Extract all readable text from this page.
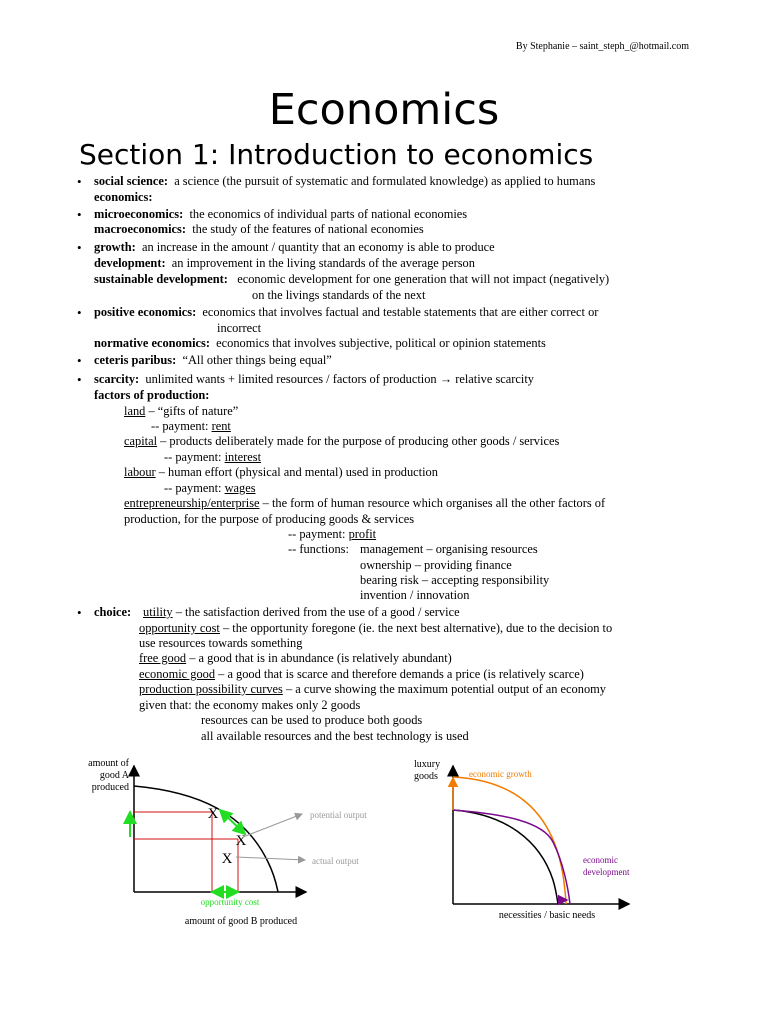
By Stephanie – saint_steph_@hotmail.com
Economics
Section 1: Introduction to economics
• social science: a science (the pursuit of systematic and formulated knowledge) as applied to humans
economics:
• microeconomics: the economics of individual parts of national economies
macroeconomics: the study of the features of national economies
• growth: an increase in the amount / quantity that an economy is able to produce
development: an improvement in the living standards of the average person
sustainable development: economic development for one generation that will not impact (negatively)
on the livings standards of the next
• positive economics: economics that involves factual and testable statements that are either correct or
incorrect
normative economics: economics that involves subjective, political or opinion statements
• ceteris paribus: “All other things being equal”
• scarcity: unlimited wants + limited resources / factors of production → relative scarcity
factors of production:
land – “gifts of nature”
-- payment: rent
capital – products deliberately made for the purpose of producing other goods / services
-- payment: interest
labour – human effort (physical and mental) used in production
-- payment: wages
entrepreneurship/enterprise – the form of human resource which organises all the other factors of
production, for the purpose of producing goods & services
-- payment: profit
-- functions: management – organising resources
ownership – providing finance
bearing risk – accepting responsibility
invention / innovation
• choice: utility – the satisfaction derived from the use of a good / service
opportunity cost – the opportunity foregone (ie. the next best alternative), due to the decision to
use resources towards something
free good – a good that is in abundance (is relatively abundant)
economic good – a good that is scarce and therefore demands a price (is relatively scarce)
production possibility curves – a curve showing the maximum potential output of an economy
given that: the economy makes only 2 goods
resources can be used to produce both goods
all available resources and the best technology is used
amount of
good A
produced
X
X
X
potential output
actual output
opportunity cost
amount of good B produced
luxury
goods	economic growth
economic
development
necessities / basic needs
